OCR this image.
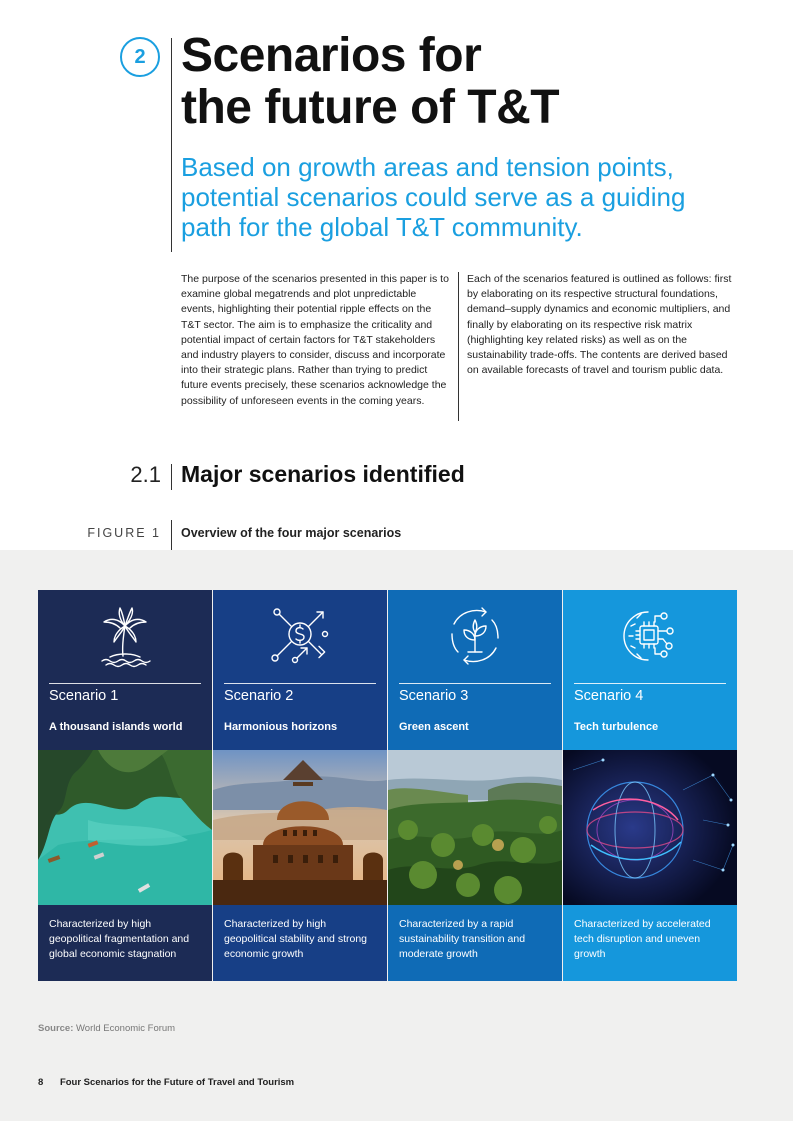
2 Scenarios for
the future of T&T

Based on growth areas and tension points, potential scenarios could serve as a guiding path for the global T&T community.

The purpose of the scenarios presented in this paper is to examine global megatrends and plot unpredictable events, highlighting their potential ripple effects on the T&T sector. The aim is to emphasize the criticality and potential impact of certain factors for T&T stakeholders and industry players to consider, discuss and incorporate into their strategic plans. Rather than trying to predict future events precisely, these scenarios acknowledge the possibility of unforeseen events in the coming years.

Each of the scenarios featured is outlined as follows: first by elaborating on its respective structural foundations, demand–supply dynamics and economic multipliers, and finally by elaborating on its respective risk matrix (highlighting key related risks) as well as on the sustainability trade-offs. The contents are derived based on available forecasts of travel and tourism public data.

2.1 Major scenarios identified
FIGURE 1 Overview of the four major scenarios
Scenario 1
A thousand islands world
Characterized by high geopolitical fragmentation and global economic stagnation
Scenario 2
Harmonious horizons
Characterized by high geopolitical stability and strong economic growth
Scenario 3
Green ascent
Characterized by a rapid sustainability transition and moderate growth
Scenario 4
Tech turbulence
Characterized by accelerated tech disruption and uneven growth
Source: World Economic Forum
8 Four Scenarios for the Future of Travel and Tourism
